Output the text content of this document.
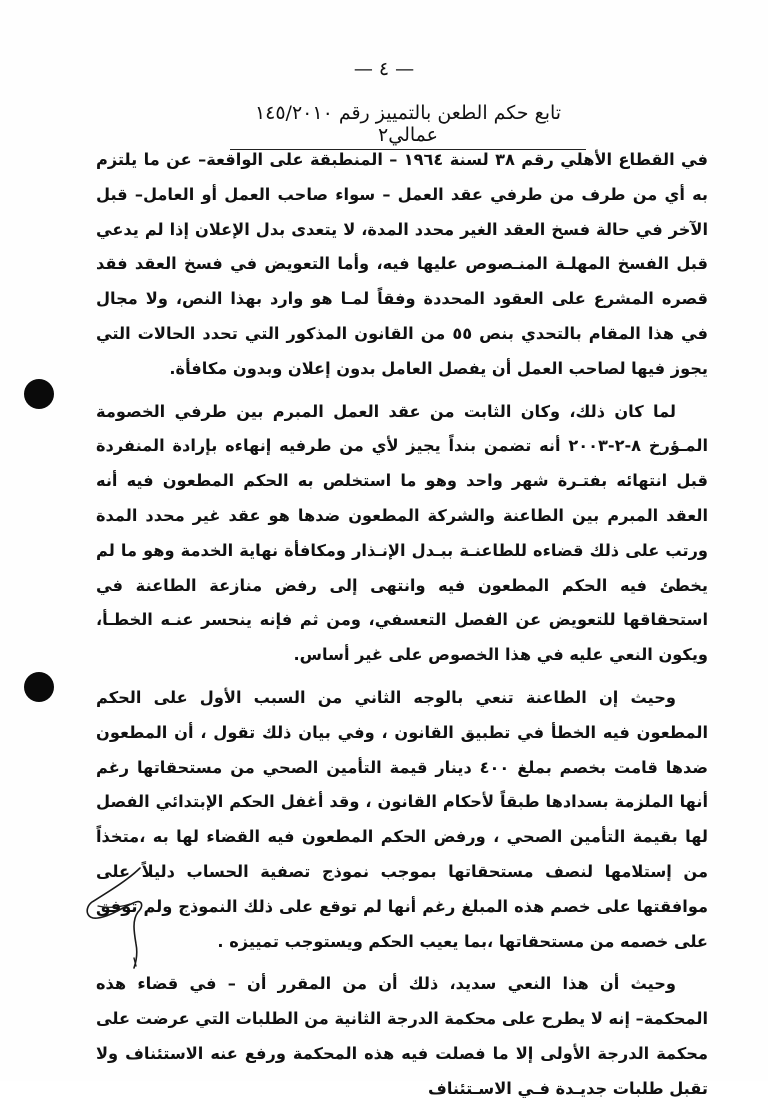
— ٤ —
تابع حكم الطعن بالتمييز رقم ١٤٥/٢٠١٠ عمالي٢

في القطاع الأهلي رقم ٣٨ لسنة ١٩٦٤ – المنطبقة على الواقعة– عن ما يلتزم به أي من طرف من طرفي عقد العمل – سواء صاحب العمل أو العامل– قبل الآخر في حالة فسخ العقد الغير محدد المدة، لا يتعدى بدل الإعلان إذا لم يدعي قبل الفسخ المهلـة المنـصوص عليها فيه، وأما التعويض في فسخ العقد فقد قصره المشرع على العقود المحددة وفقاً لمـا هو وارد بهذا النص، ولا مجال في هذا المقام بالتحدي بنص ٥٥ من القانون المذكور التي تحدد الحالات التي يجوز فيها لصاحب العمل أن يفصل العامل بدون إعلان وبدون مكافأة.

لما كان ذلك، وكان الثابت من عقد العمل المبرم بين طرفي الخصومة المـؤرخ ٨-٢-٢٠٠٣ أنه تضمن بنداً يجيز لأي من طرفيه إنهاءه بإرادة المنفردة قبل انتهائه بفتـرة شهر واحد وهو ما استخلص به الحكم المطعون فيه أنه العقد المبرم بين الطاعنة والشركة المطعون ضدها هو عقد غير محدد المدة ورتب على ذلك قضاءه للطاعنـة ببـدل الإنـذار ومكافأة نهاية الخدمة وهو ما لم يخطئ فيه الحكم المطعون فيه وانتهى إلى رفض منازعة الطاعنة في استحقاقها للتعويض عن الفصل التعسفي، ومن ثم فإنه ينحسر عنـه الخطـأ، ويكون النعي عليه في هذا الخصوص على غير أساس.

وحيث إن الطاعنة تنعي بالوجه الثاني من السبب الأول على الحكم المطعون فيه الخطأ في تطبيق القانون ، وفي بيان ذلك تقول ، أن المطعون ضدها قامت بخصم بملغ ٤٠٠ دينار قيمة التأمين الصحي من مستحقاتها رغم أنها الملزمة بسدادها طبقاً لأحكام القانون ، وقد أغفل الحكم الإبتدائي الفصل لها بقيمة التأمين الصحي ، ورفض الحكم المطعون فيه القضاء لها به ،متخذاً من إستلامها لنصف مستحقاتها بموجب نموذج تصفية الحساب دليلاً على موافقتها على خصم هذه المبلغ رغم أنها لم توقع على ذلك النموذج ولم توفق على خصمه من مستحقاتها ،بما يعيب الحكم ويستوجب تمييزه .

وحيث أن هذا النعي سديد، ذلك أن من المقرر أن – في قضاء هذه المحكمة– إنه لا يطرح على محكمة الدرجة الثانية من الطلبات التي عرضت على محكمة الدرجة الأولى إلا ما فصلت فيه هذه المحكمة ورفع عنه الاستئناف ولا تقبل طلبات جديـدة فـي الاسـتئناف
